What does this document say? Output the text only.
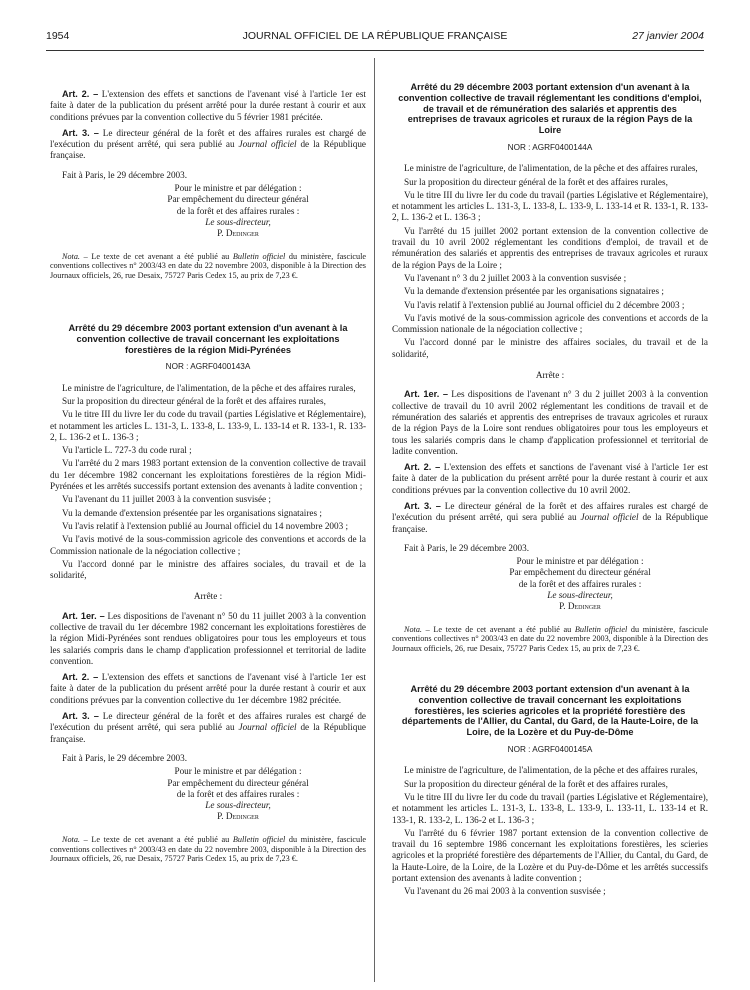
1954	JOURNAL OFFICIEL DE LA RÉPUBLIQUE FRANÇAISE	27 janvier 2004

Art. 2. – L'extension des effets et sanctions de l'avenant visé à l'article 1er est faite à dater de la publication du présent arrêté pour la durée restant à courir et aux conditions prévues par la convention collective du 5 février 1981 précitée.

Art. 3. – Le directeur général de la forêt et des affaires rurales est chargé de l'exécution du présent arrêté, qui sera publié au Journal officiel de la République française.

Fait à Paris, le 29 décembre 2003.

Pour le ministre et par délégation :
Par empêchement du directeur général
de la forêt et des affaires rurales :
Le sous-directeur,
P. Dedinger

Nota. – Le texte de cet avenant a été publié au Bulletin officiel du ministère, fascicule conventions collectives n° 2003/43 en date du 22 novembre 2003, disponible à la Direction des Journaux officiels, 26, rue Desaix, 75727 Paris Cedex 15, au prix de 7,23 €.

Arrêté du 29 décembre 2003 portant extension d'un avenant à la convention collective de travail concernant les exploitations forestières de la région Midi-Pyrénées
NOR : AGRF0400143A

Le ministre de l'agriculture, de l'alimentation, de la pêche et des affaires rurales,

Sur la proposition du directeur général de la forêt et des affaires rurales,

Vu le titre III du livre Ier du code du travail (parties Législative et Réglementaire), et notamment les articles L. 131-3, L. 133-8, L. 133-9, L. 133-14 et R. 133-1, R. 133-2, L. 136-2 et L. 136-3 ;

Vu l'article L. 727-3 du code rural ;

Vu l'arrêté du 2 mars 1983 portant extension de la convention collective de travail du 1er décembre 1982 concernant les exploitations forestières de la région Midi-Pyrénées et les arrêtés successifs portant extension des avenants à ladite convention ;

Vu l'avenant du 11 juillet 2003 à la convention susvisée ;

Vu la demande d'extension présentée par les organisations signataires ;

Vu l'avis relatif à l'extension publié au Journal officiel du 14 novembre 2003 ;

Vu l'avis motivé de la sous-commission agricole des conventions et accords de la Commission nationale de la négociation collective ;

Vu l'accord donné par le ministre des affaires sociales, du travail et de la solidarité,

Arrête :

Art. 1er. – Les dispositions de l'avenant n° 50 du 11 juillet 2003 à la convention collective de travail du 1er décembre 1982 concernant les exploitations forestières de la région Midi-Pyrénées sont rendues obligatoires pour tous les employeurs et tous les salariés compris dans le champ d'application professionnel et territorial de ladite convention.

Art. 2. – L'extension des effets et sanctions de l'avenant visé à l'article 1er est faite à dater de la publication du présent arrêté pour la durée restant à courir et aux conditions prévues par la convention collective du 1er décembre 1982 précitée.

Art. 3. – Le directeur général de la forêt et des affaires rurales est chargé de l'exécution du présent arrêté, qui sera publié au Journal officiel de la République française.

Fait à Paris, le 29 décembre 2003.

Pour le ministre et par délégation :
Par empêchement du directeur général
de la forêt et des affaires rurales :
Le sous-directeur,
P. Dedinger

Nota. – Le texte de cet avenant a été publié au Bulletin officiel du ministère, fascicule conventions collectives n° 2003/43 en date du 22 novembre 2003, disponible à la Direction des Journaux officiels, 26, rue Desaix, 75727 Paris Cedex 15, au prix de 7,23 €.

Arrêté du 29 décembre 2003 portant extension d'un avenant à la convention collective de travail réglementant les conditions d'emploi, de travail et de rémunération des salariés et apprentis des entreprises de travaux agricoles et ruraux de la région Pays de la Loire
NOR : AGRF0400144A

Le ministre de l'agriculture, de l'alimentation, de la pêche et des affaires rurales,

Sur la proposition du directeur général de la forêt et des affaires rurales,

Vu le titre III du livre Ier du code du travail (parties Législative et Réglementaire), et notamment les articles L. 131-3, L. 133-8, L. 133-9, L. 133-14 et R. 133-1, R. 133-2, L. 136-2 et L. 136-3 ;

Vu l'arrêté du 15 juillet 2002 portant extension de la convention collective de travail du 10 avril 2002 réglementant les conditions d'emploi, de travail et de rémunération des salariés et apprentis des entreprises de travaux agricoles et ruraux de la région Pays de la Loire ;

Vu l'avenant n° 3 du 2 juillet 2003 à la convention susvisée ;

Vu la demande d'extension présentée par les organisations signataires ;

Vu l'avis relatif à l'extension publié au Journal officiel du 2 décembre 2003 ;

Vu l'avis motivé de la sous-commission agricole des conventions et accords de la Commission nationale de la négociation collective ;

Vu l'accord donné par le ministre des affaires sociales, du travail et de la solidarité,

Arrête :

Art. 1er. – Les dispositions de l'avenant n° 3 du 2 juillet 2003 à la convention collective de travail du 10 avril 2002 réglementant les conditions de travail et de rémunération des salariés et apprentis des entreprises de travaux agricoles et ruraux de la région Pays de la Loire sont rendues obligatoires pour tous les employeurs et tous les salariés compris dans le champ d'application professionnel et territorial de ladite convention.

Art. 2. – L'extension des effets et sanctions de l'avenant visé à l'article 1er est faite à dater de la publication du présent arrêté pour la durée restant à courir et aux conditions prévues par la convention collective du 10 avril 2002.

Art. 3. – Le directeur général de la forêt et des affaires rurales est chargé de l'exécution du présent arrêté, qui sera publié au Journal officiel de la République française.

Fait à Paris, le 29 décembre 2003.

Pour le ministre et par délégation :
Par empêchement du directeur général
de la forêt et des affaires rurales :
Le sous-directeur,
P. Dedinger

Nota. – Le texte de cet avenant a été publié au Bulletin officiel du ministère, fascicule conventions collectives n° 2003/43 en date du 22 novembre 2003, disponible à la Direction des Journaux officiels, 26, rue Desaix, 75727 Paris Cedex 15, au prix de 7,23 €.

Arrêté du 29 décembre 2003 portant extension d'un avenant à la convention collective de travail concernant les exploitations forestières, les scieries agricoles et la propriété forestière des départements de l'Allier, du Cantal, du Gard, de la Haute-Loire, de la Loire, de la Lozère et du Puy-de-Dôme
NOR : AGRF0400145A

Le ministre de l'agriculture, de l'alimentation, de la pêche et des affaires rurales,

Sur la proposition du directeur général de la forêt et des affaires rurales,

Vu le titre III du livre Ier du code du travail (parties Législative et Réglementaire), et notamment les articles L. 131-3, L. 133-8, L. 133-9, L. 133-11, L. 133-14 et R. 133-1, R. 133-2, L. 136-2 et L. 136-3 ;

Vu l'arrêté du 6 février 1987 portant extension de la convention collective de travail du 16 septembre 1986 concernant les exploitations forestières, les scieries agricoles et la propriété forestière des départements de l'Allier, du Cantal, du Gard, de la Haute-Loire, de la Loire, de la Lozère et du Puy-de-Dôme et les arrêtés successifs portant extension des avenants à ladite convention ;

Vu l'avenant du 26 mai 2003 à la convention susvisée ;
